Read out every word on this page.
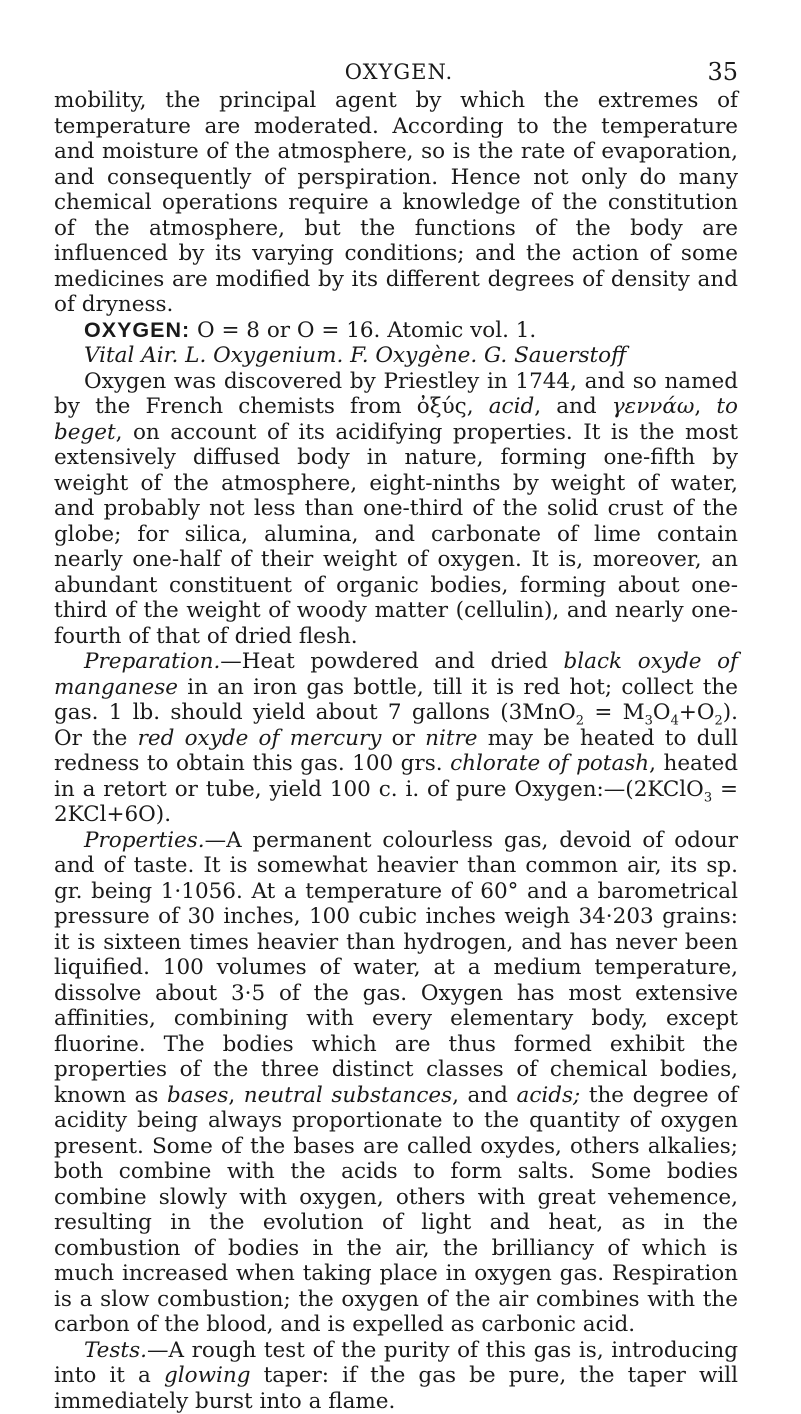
OXYGEN.	35

mobility, the principal agent by which the extremes of temperature are moderated. According to the temperature and moisture of the atmosphere, so is the rate of evaporation, and consequently of perspiration. Hence not only do many chemical operations require a knowledge of the constitution of the atmosphere, but the functions of the body are influenced by its varying conditions; and the action of some medicines are modified by its different degrees of density and of dryness.

OXYGEN: O = 8 or O = 16. Atomic vol. 1.

Vital Air. L. Oxygenium. F. Oxygène. G. Sauerstoff

Oxygen was discovered by Priestley in 1744, and so named by the French chemists from ὀξύς, acid, and γεννάω, to beget, on account of its acidifying properties. It is the most extensively diffused body in nature, forming one-fifth by weight of the atmosphere, eight-ninths by weight of water, and probably not less than one-third of the solid crust of the globe; for silica, alumina, and carbonate of lime contain nearly one-half of their weight of oxygen. It is, moreover, an abundant constituent of organic bodies, forming about one-third of the weight of woody matter (cellulin), and nearly one-fourth of that of dried flesh.

Preparation.—Heat powdered and dried black oxyde of manganese in an iron gas bottle, till it is red hot; collect the gas. 1 lb. should yield about 7 gallons $(3MnO_2 = M_3O_4+O_2)$. Or the red oxyde of mercury or nitre may be heated to dull redness to obtain this gas. 100 grs. chlorate of potash, heated in a retort or tube, yield 100 c. i. of pure Oxygen:—(2KClO$_3$ = 2KCl+6O).

Properties.—A permanent colourless gas, devoid of odour and of taste. It is somewhat heavier than common air, its sp. gr. being 1·1056. At a temperature of 60° and a barometrical pressure of 30 inches, 100 cubic inches weigh 34·203 grains: it is sixteen times heavier than hydrogen, and has never been liquified. 100 volumes of water, at a medium temperature, dissolve about 3·5 of the gas. Oxygen has most extensive affinities, combining with every elementary body, except fluorine. The bodies which are thus formed exhibit the properties of the three distinct classes of chemical bodies, known as bases, neutral substances, and acids; the degree of acidity being always proportionate to the quantity of oxygen present. Some of the bases are called oxydes, others alkalies; both combine with the acids to form salts. Some bodies combine slowly with oxygen, others with great vehemence, resulting in the evolution of light and heat, as in the combustion of bodies in the air, the brilliancy of which is much increased when taking place in oxygen gas. Respiration is a slow combustion; the oxygen of the air combines with the carbon of the blood, and is expelled as carbonic acid.

Tests.—A rough test of the purity of this gas is, introducing into it a glowing taper: if the gas be pure, the taper will immediately burst into a flame.
